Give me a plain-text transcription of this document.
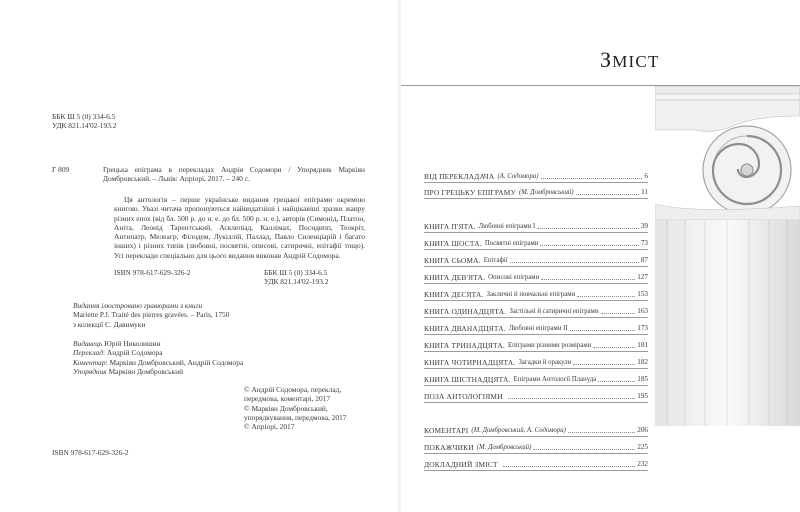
ББК Ш 5 (0) 334-6.5
УДК 821.14'02-193.2
Г 809	Грецька епіграма в перекладах Андрія Содомори / Упорядник Маркіян Домбровський. – Львів: Апріорі, 2017. – 240 с.

Ця антологія – перше українське видання грецької епіграми окремою книгою. Увазі читача пропонуються найвидатніші і найцікавіші зразки жанру різних епох (від бл. 500 р. до н. е. до бл. 500 р. н. е.), авторів (Симонід, Платон, Аніта, Леонід Тарентський, Асклепіад, Каллімах, Посидипп, Теокріт, Антипатр, Мелеагр, Філодем, Лукіллій, Паллад, Павло Силенціарій і багато інших) і різних типів (любовні, посвятні, описові, сатиричні, епітафії тощо). Усі переклади спеціально для цього видання виконав Андрій Содомора.

ISBN 978-617-629-326-2	ББК Ш 5 (0) 334-6.5
УДК 821.14'02-193.2
Видання ілюстровано гравюрами з книги
Mariette P.J. Traité des pierres gravées. – Paris, 1750
з колекції С. Давимуки
Видавець Юрій Николишин
Переклад: Андрій Содомора
Коментар: Маркіян Домбровський, Андрій Содомора
Упорядник Маркіян Домбровський
© Андрій Содомора, переклад,
передмова, коментарі, 2017
© Маркіян Домбровський,
упорядкування, передмова, 2017
© Апріорі, 2017
ISBN 978-617-629-326-2
ЗМІСТ
ВІД ПЕРЕКЛАДАЧА (А. Содомора)	6
ПРО ГРЕЦЬКУ ЕПІГРАМУ (М. Домбровський)	11
КНИГА П'ЯТА. Любовні епіграми I	39
КНИГА ШОСТА. Посвятні епіграми	73
КНИГА СЬОМА. Епітафії	87
КНИГА ДЕВ'ЯТА. Описові епіграми	127
КНИГА ДЕСЯТА. Закличні й повчальні епіграми	153
КНИГА ОДИНАДЦЯТА. Застільні й сатиричні епіграми	163
КНИГА ДВАНАДЦЯТА. Любовні епіграми II	173
КНИГА ТРИНАДЦЯТА. Епіграми різними розмірами	181
КНИГА ЧОТИРНАДЦЯТА. Загадки й оракули	182
КНИГА ШІСТНАДЦЯТА. Епіграми Антології Плануда	185
ПОЗА АНТОЛОГІЯМИ	195
КОМЕНТАРІ (М. Домбровський, А. Содомора)	206
ПОКАЖЧИКИ (М. Домбровський)	225
ДОКЛАДНИЙ ЗМІСТ	232
